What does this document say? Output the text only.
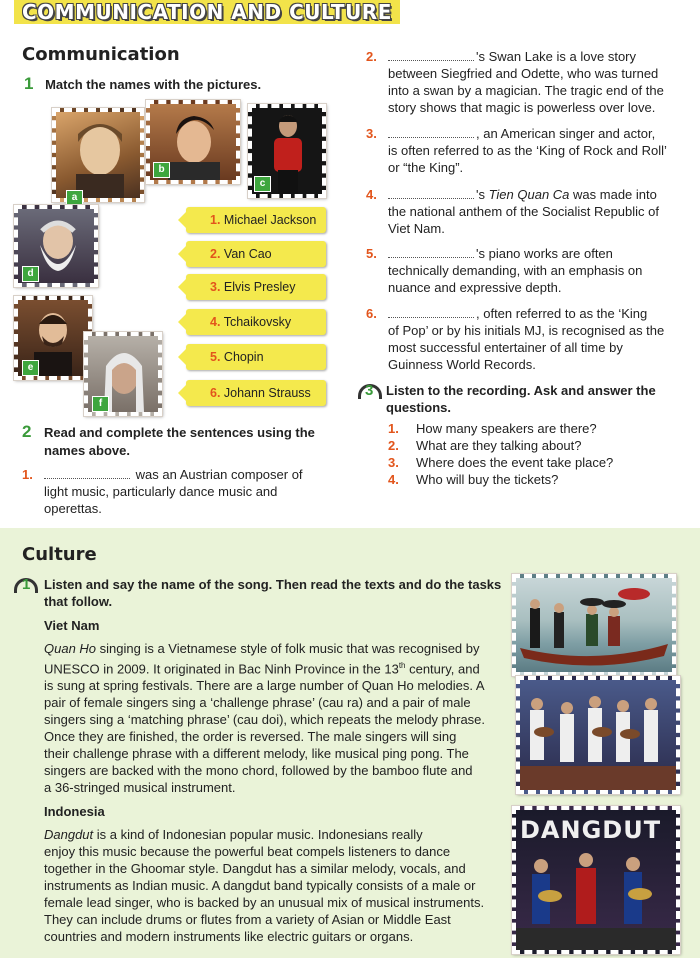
COMMUNICATION AND CULTURE
Communication
1 Match the names with the pictures.
a
b
c
d
e
f
1. Michael Jackson
2. Van Cao
3. Elvis Presley
4. Tchaikovsky
5. Chopin
6. Johann Strauss
2 Read and complete the sentences using the
names above.
1.	was an Austrian composer of
light music, particularly dance music and
operettas.
2.	's Swan Lake is a love story
between Siegfried and Odette, who was turned
into a swan by a magician. The tragic end of the
story shows that magic is powerless over love.
3.	, an American singer and actor,
is often referred to as the ‘King of Rock and Roll’
or “the King”.
4.	's Tien Quan Ca was made into
the national anthem of the Socialist Republic of
Viet Nam.
5.	's piano works are often
technically demanding, with an emphasis on
nuance and expressive depth.
6.	, often referred to as the ‘King
of Pop’ or by his initials MJ, is recognised as the
most successful entertainer of all time by
Guinness World Records.
3 Listen to the recording. Ask and answer the
questions.
1. How many speakers are there?
2. What are they talking about?
3. Where does the event take place?
4. Who will buy the tickets?
Culture
1 Listen and say the name of the song. Then read the texts and do the tasks
that follow.
Viet Nam
Quan Ho singing is a Vietnamese style of folk music that was recognised by
UNESCO in 2009. It originated in Bac Ninh Province in the 13th century, and
is sung at spring festivals. There are a large number of Quan Ho melodies. A
pair of female singers sing a ‘challenge phrase’ (cau ra) and a pair of male
singers sing a ‘matching phrase’ (cau doi), which repeats the melody phrase.
Once they are finished, the order is reversed. The male singers will sing
their challenge phrase with a different melody, like musical ping pong. The
singers are backed with the mono chord, followed by the bamboo flute and
a 36-stringed musical instrument.
Indonesia
Dangdut is a kind of Indonesian popular music. Indonesians really
enjoy this music because the powerful beat compels listeners to dance
together in the Ghoomar style. Dangdut has a similar melody, vocals, and
instruments as Indian music. A dangdut band typically consists of a male or
female lead singer, who is backed by an unusual mix of musical instruments.
They can include drums or flutes from a variety of Asian or Middle East
countries and modern instruments like electric guitars or organs.
DANGDUT
